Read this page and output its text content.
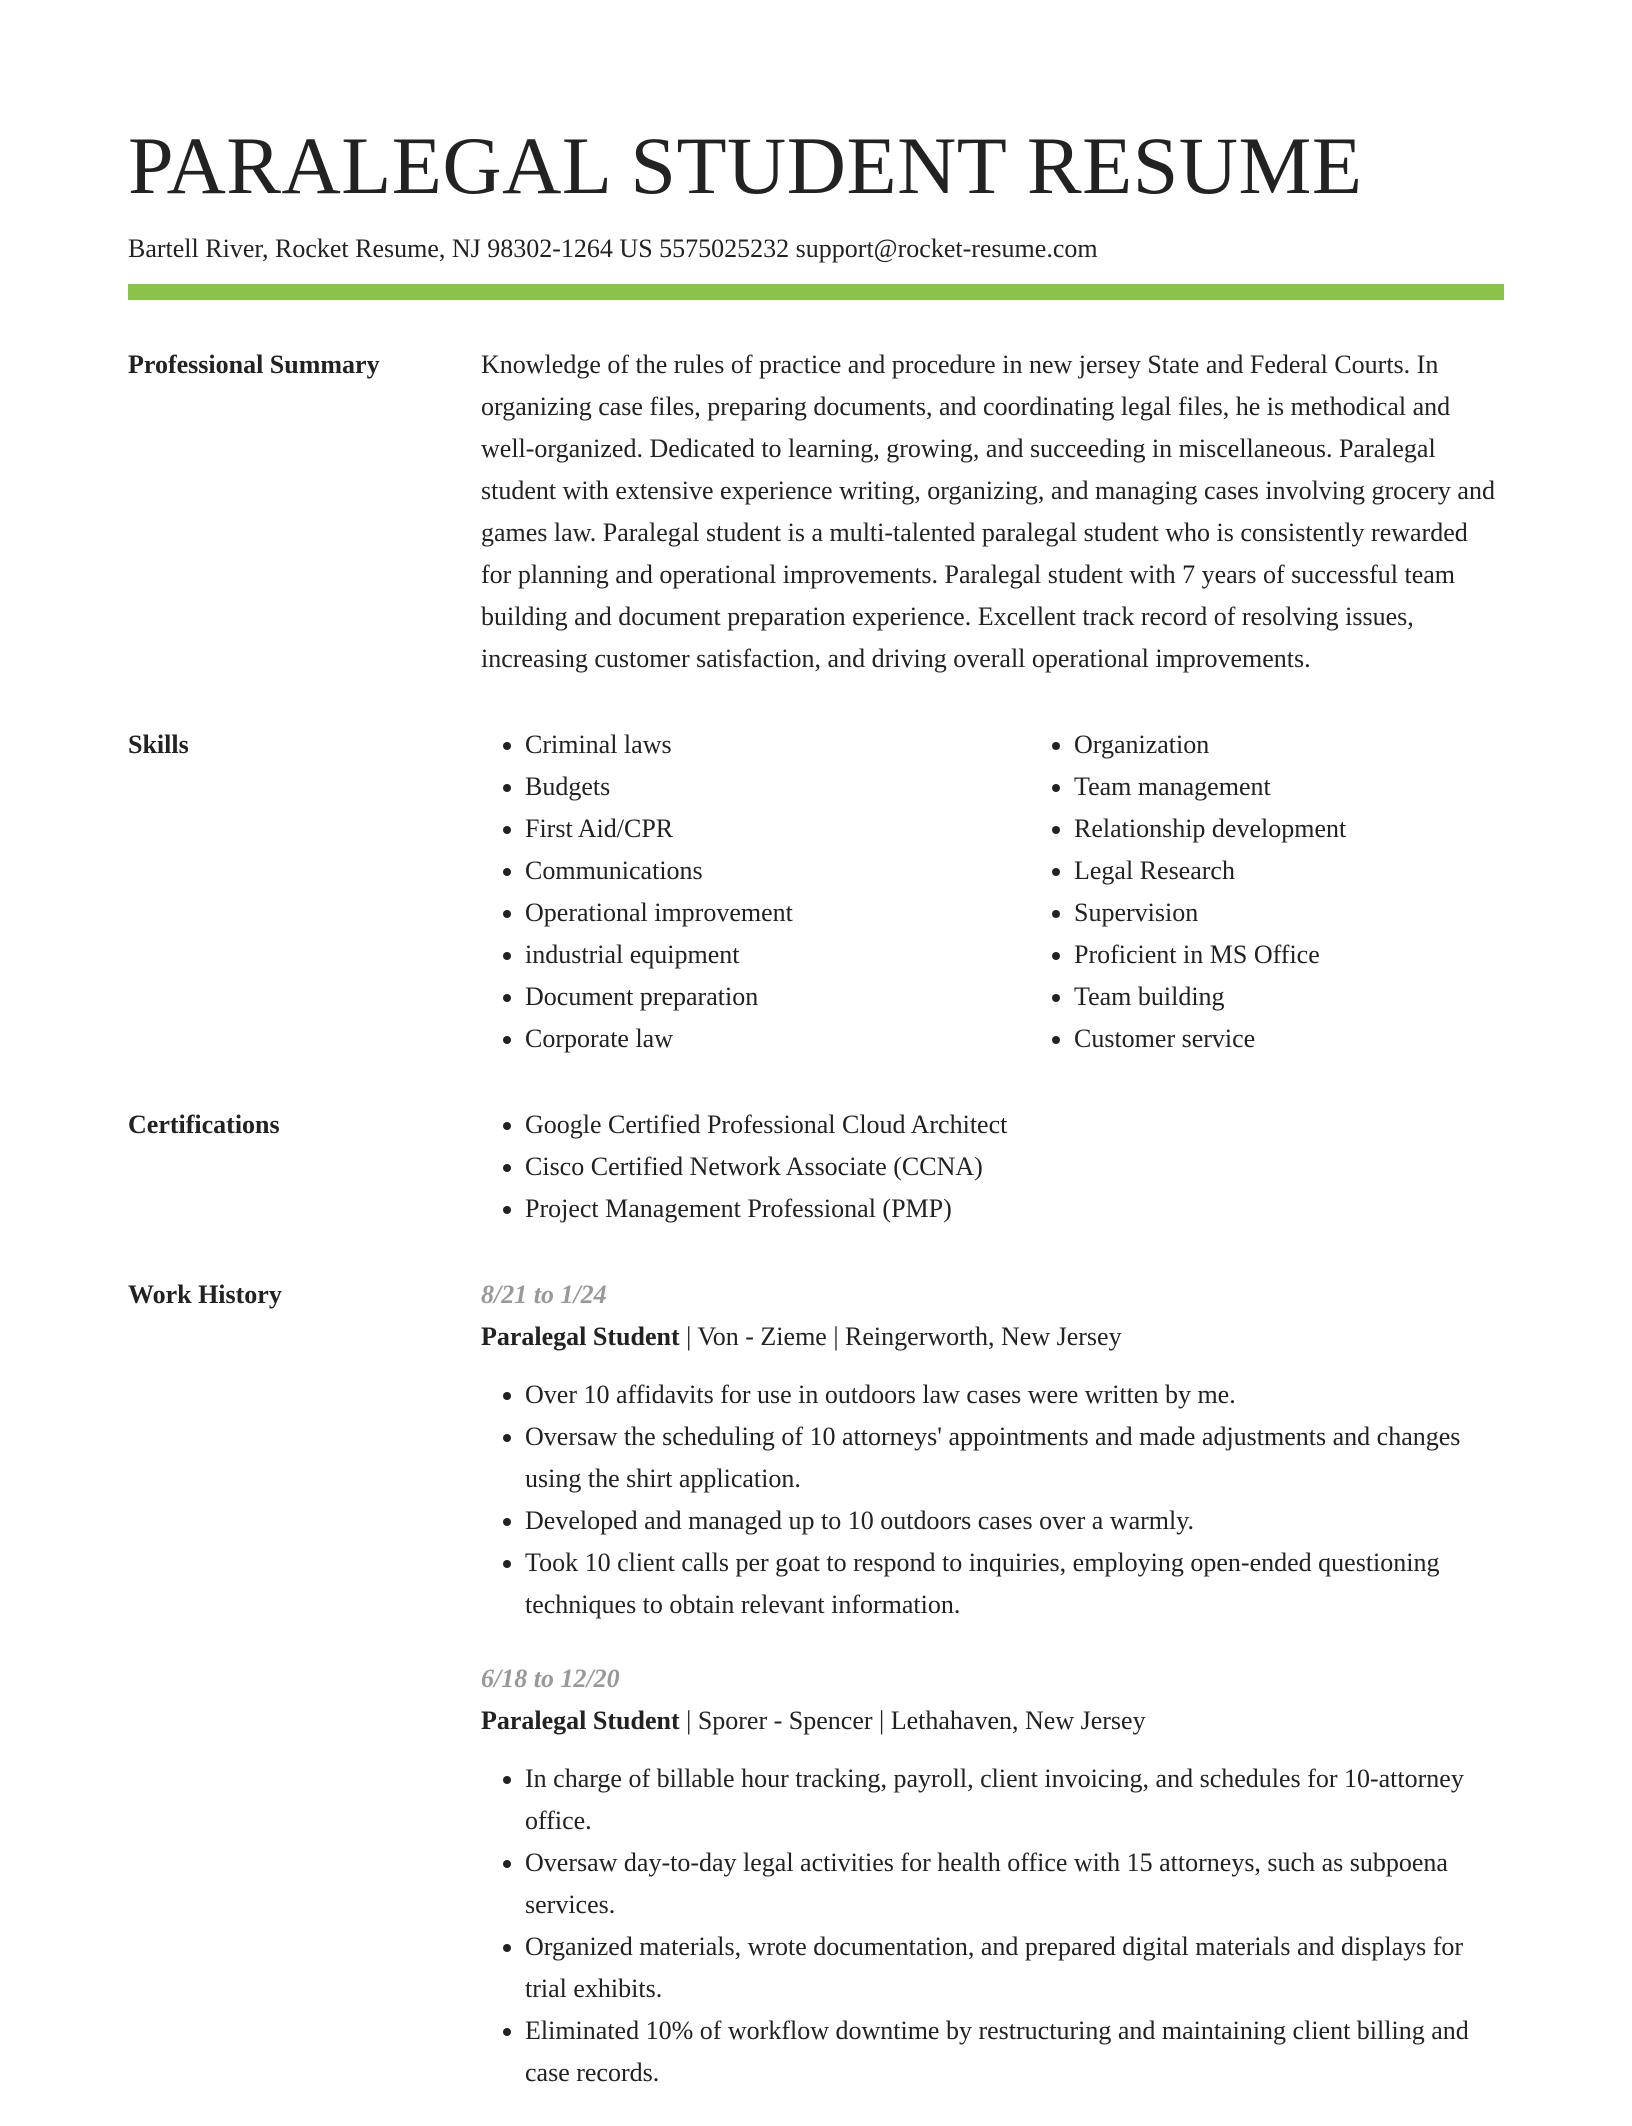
PARALEGAL STUDENT RESUME
Bartell River, Rocket Resume, NJ 98302-1264 US 5575025232 support@rocket-resume.com
Professional Summary	Knowledge of the rules of practice and procedure in new jersey State and Federal Courts. In organizing case files, preparing documents, and coordinating legal files, he is methodical and well-organized. Dedicated to learning, growing, and succeeding in miscellaneous. Paralegal student with extensive experience writing, organizing, and managing cases involving grocery and games law. Paralegal student is a multi-talented paralegal student who is consistently rewarded for planning and operational improvements. Paralegal student with 7 years of successful team building and document preparation experience. Excellent track record of resolving issues, increasing customer satisfaction, and driving overall operational improvements.

Skills	• Criminal laws
• Budgets
• First Aid/CPR
• Communications
• Operational improvement
• industrial equipment
• Document preparation
• Corporate law
• Organization
• Team management
• Relationship development
• Legal Research
• Supervision
• Proficient in MS Office
• Team building
• Customer service
Certifications	• Google Certified Professional Cloud Architect
• Cisco Certified Network Associate (CCNA)
• Project Management Professional (PMP)
Work History	8/21 to 1/24
Paralegal Student | Von - Zieme | Reingerworth, New Jersey
• Over 10 affidavits for use in outdoors law cases were written by me.
• Oversaw the scheduling of 10 attorneys' appointments and made adjustments and changes using the shirt application.
• Developed and managed up to 10 outdoors cases over a warmly.
• Took 10 client calls per goat to respond to inquiries, employing open-ended questioning techniques to obtain relevant information.
6/18 to 12/20
Paralegal Student | Sporer - Spencer | Lethahaven, New Jersey
• In charge of billable hour tracking, payroll, client invoicing, and schedules for 10-attorney office.
• Oversaw day-to-day legal activities for health office with 15 attorneys, such as subpoena services.
• Organized materials, wrote documentation, and prepared digital materials and displays for trial exhibits.
• Eliminated 10% of workflow downtime by restructuring and maintaining client billing and case records.
